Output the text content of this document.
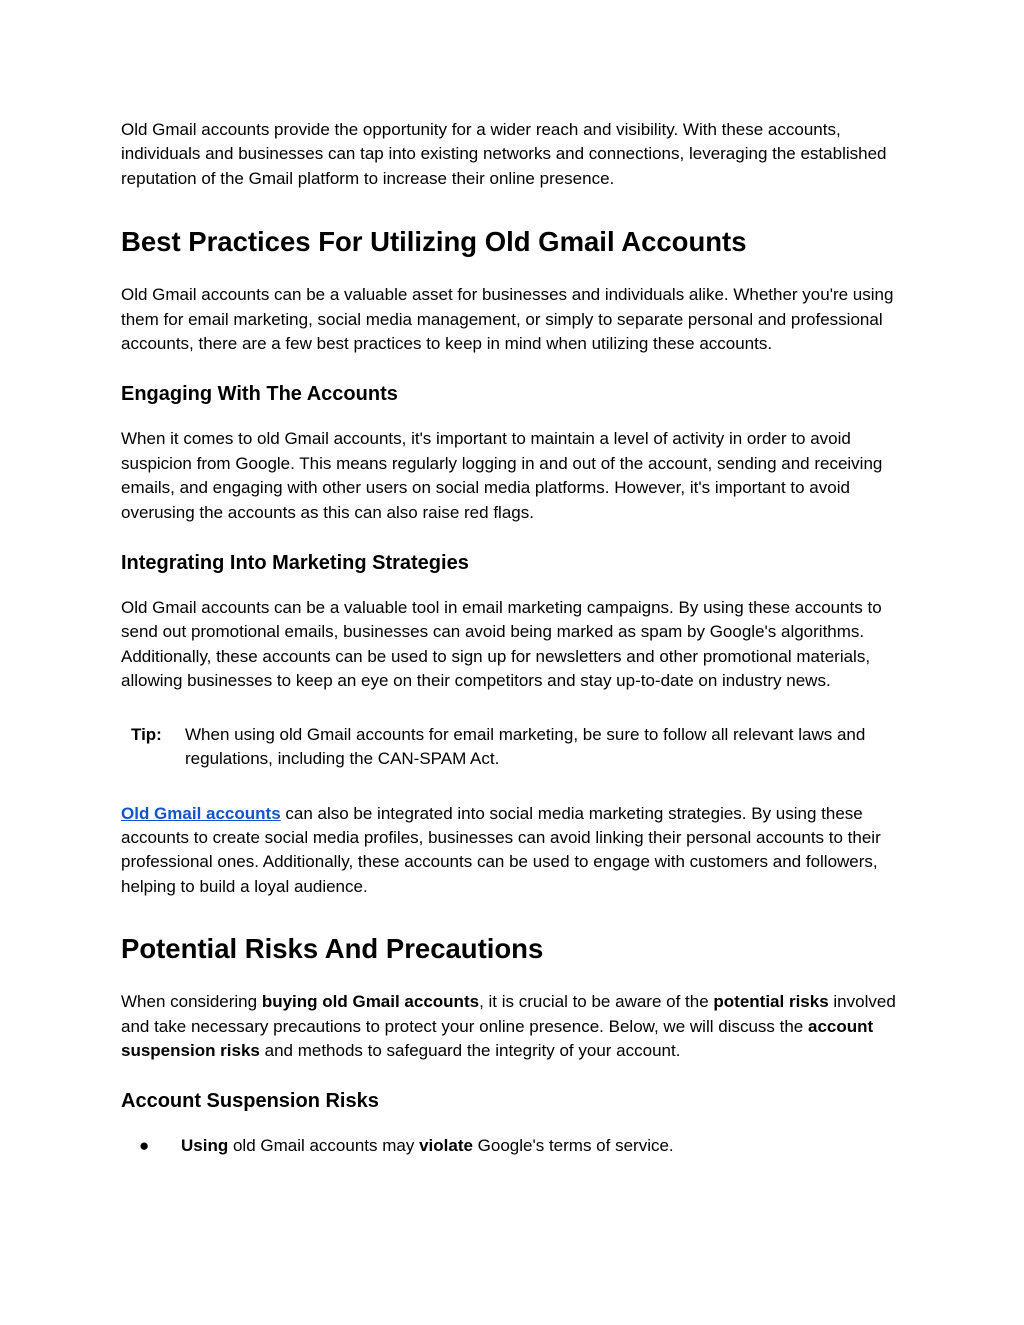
Old Gmail accounts provide the opportunity for a wider reach and visibility. With these accounts, individuals and businesses can tap into existing networks and connections, leveraging the established reputation of the Gmail platform to increase their online presence.

Best Practices For Utilizing Old Gmail Accounts

Old Gmail accounts can be a valuable asset for businesses and individuals alike. Whether you're using them for email marketing, social media management, or simply to separate personal and professional accounts, there are a few best practices to keep in mind when utilizing these accounts.

Engaging With The Accounts

When it comes to old Gmail accounts, it's important to maintain a level of activity in order to avoid suspicion from Google. This means regularly logging in and out of the account, sending and receiving emails, and engaging with other users on social media platforms. However, it's important to avoid overusing the accounts as this can also raise red flags.

Integrating Into Marketing Strategies

Old Gmail accounts can be a valuable tool in email marketing campaigns. By using these accounts to send out promotional emails, businesses can avoid being marked as spam by Google's algorithms. Additionally, these accounts can be used to sign up for newsletters and other promotional materials, allowing businesses to keep an eye on their competitors and stay up-to-date on industry news.

Tip:	When using old Gmail accounts for email marketing, be sure to follow all relevant laws and regulations, including the CAN-SPAM Act.

Old Gmail accounts can also be integrated into social media marketing strategies. By using these accounts to create social media profiles, businesses can avoid linking their personal accounts to their professional ones. Additionally, these accounts can be used to engage with customers and followers, helping to build a loyal audience.

Potential Risks And Precautions

When considering buying old Gmail accounts, it is crucial to be aware of the potential risks involved and take necessary precautions to protect your online presence. Below, we will discuss the account suspension risks and methods to safeguard the integrity of your account.

Account Suspension Risks
●	Using old Gmail accounts may violate Google's terms of service.
